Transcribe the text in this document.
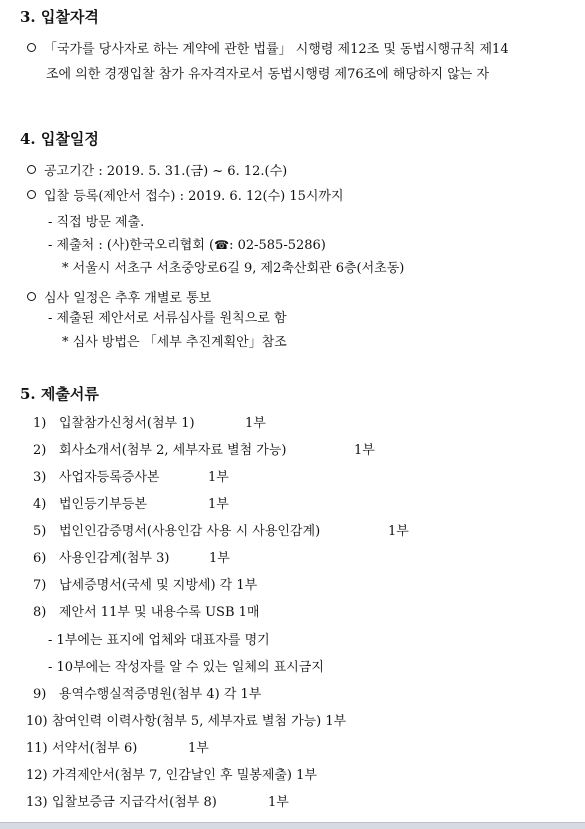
3. 입찰자격
「국가를 당사자로 하는 계약에 관한 법률」 시행령 제12조 및 동법시행규칙 제14
조에 의한 경쟁입찰 참가 유자격자로서 동법시행령 제76조에 해당하지 않는 자
4. 입찰일정
공고기간 : 2019. 5. 31.(금) ~ 6. 12.(수)
입찰 등록(제안서 접수) : 2019. 6. 12(수) 15시까지
- 직접 방문 제출.
- 제출처 : (사)한국오리협회 (☎: 02-585-5286)
* 서울시 서초구 서초중앙로6길 9, 제2축산회관 6층(서초동)
심사 일정은 추후 개별로 통보
- 제출된 제안서로 서류심사를 원칙으로 함
* 심사 방법은 「세부 추진계획안」참조
5. 제출서류
1) 입찰참가신청서(첨부 1)	1부
2) 회사소개서(첨부 2, 세부자료 별첨 가능)	1부
3) 사업자등록증사본	1부
4) 법인등기부등본	1부
5) 법인인감증명서(사용인감 사용 시 사용인감계)	1부
6) 사용인감계(첨부 3)	1부
7) 납세증명서(국세 및 지방세) 각 1부
8) 제안서 11부 및 내용수록 USB 1매
- 1부에는 표지에 업체와 대표자를 명기
- 10부에는 작성자를 알 수 있는 일체의 표시금지
9) 용역수행실적증명원(첨부 4) 각 1부
10) 참여인력 이력사항(첨부 5, 세부자료 별첨 가능) 1부
11) 서약서(첨부 6)	1부
12) 가격제안서(첨부 7, 인감날인 후 밀봉제출) 1부
13) 입찰보증금 지급각서(첨부 8)	1부
